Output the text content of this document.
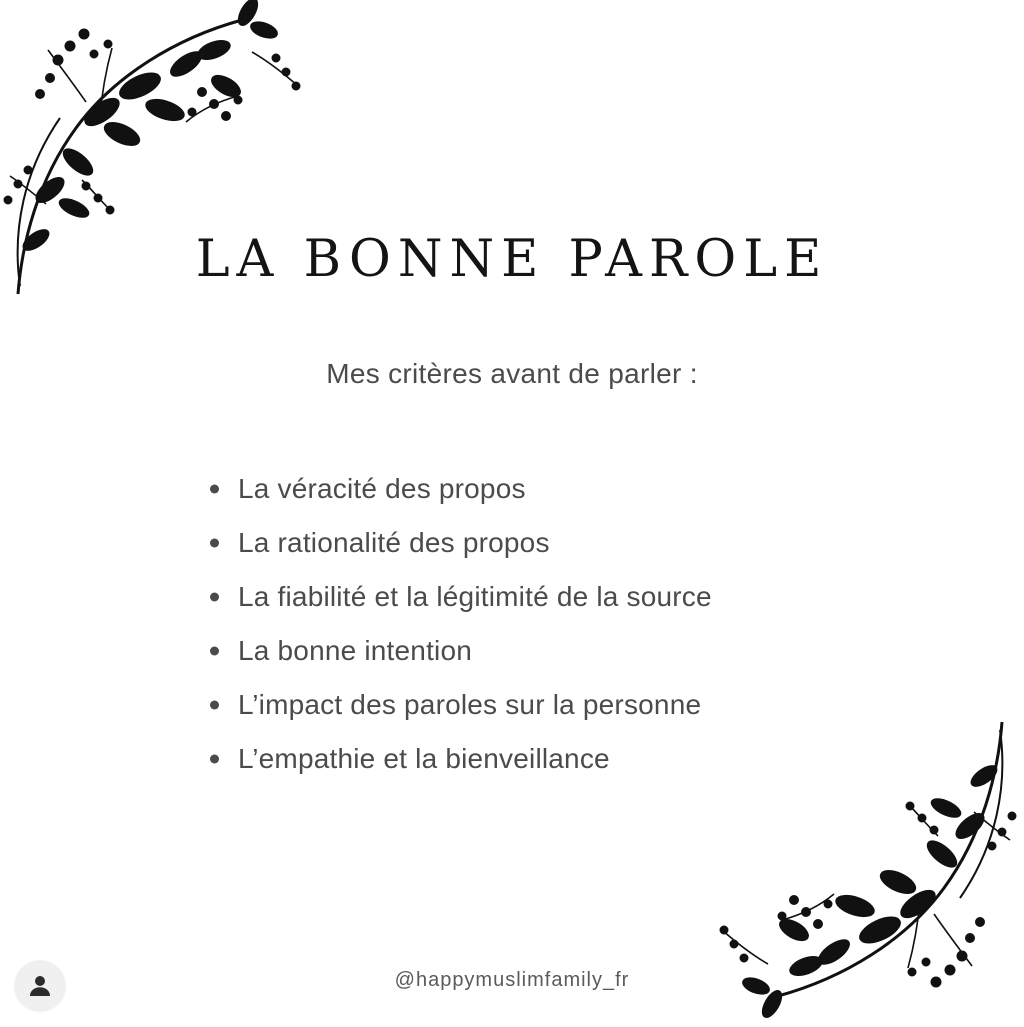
LA BONNE PAROLE

Mes critères avant de parler :

La véracité des propos
La rationalité des propos
La fiabilité et la légitimité de la source
La bonne intention
L’impact des paroles sur la personne
L’empathie et la bienveillance
@happymuslimfamily_fr
